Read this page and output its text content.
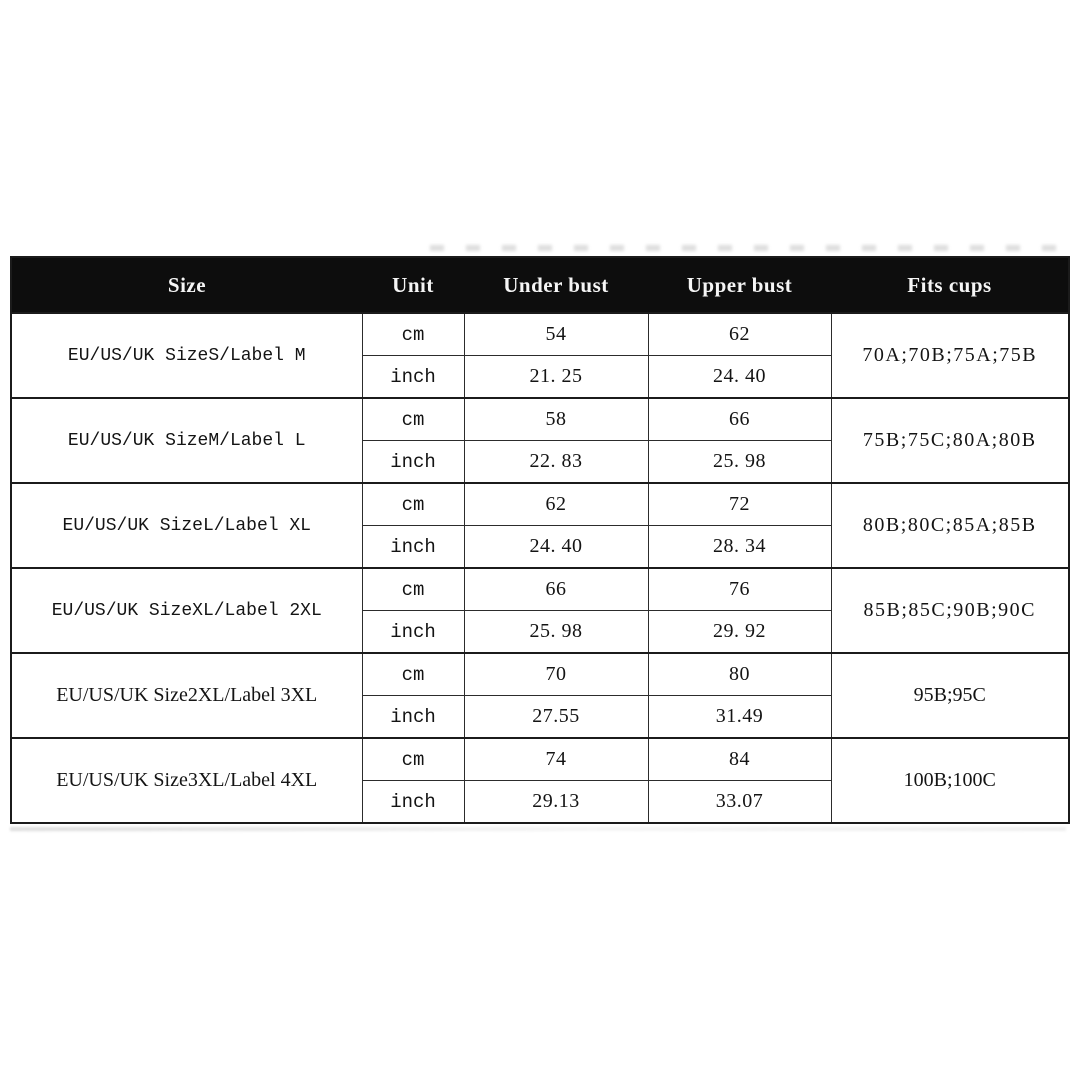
Size	Unit	Under bust	Upper bust	Fits cups
EU/US/UK SizeS/Label M	cm	54	62	70A;70B;75A;75B
	inch	21. 25	24. 40	
EU/US/UK SizeM/Label L	cm	58	66	75B;75C;80A;80B
	inch	22. 83	25. 98	
EU/US/UK SizeL/Label XL	cm	62	72	80B;80C;85A;85B
	inch	24. 40	28. 34	
EU/US/UK SizeXL/Label 2XL	cm	66	76	85B;85C;90B;90C
	inch	25. 98	29. 92	
EU/US/UK Size2XL/Label 3XL	cm	70	80	95B;95C
	inch	27.55	31.49	
EU/US/UK Size3XL/Label 4XL	cm	74	84	100B;100C
	inch	29.13	33.07	
